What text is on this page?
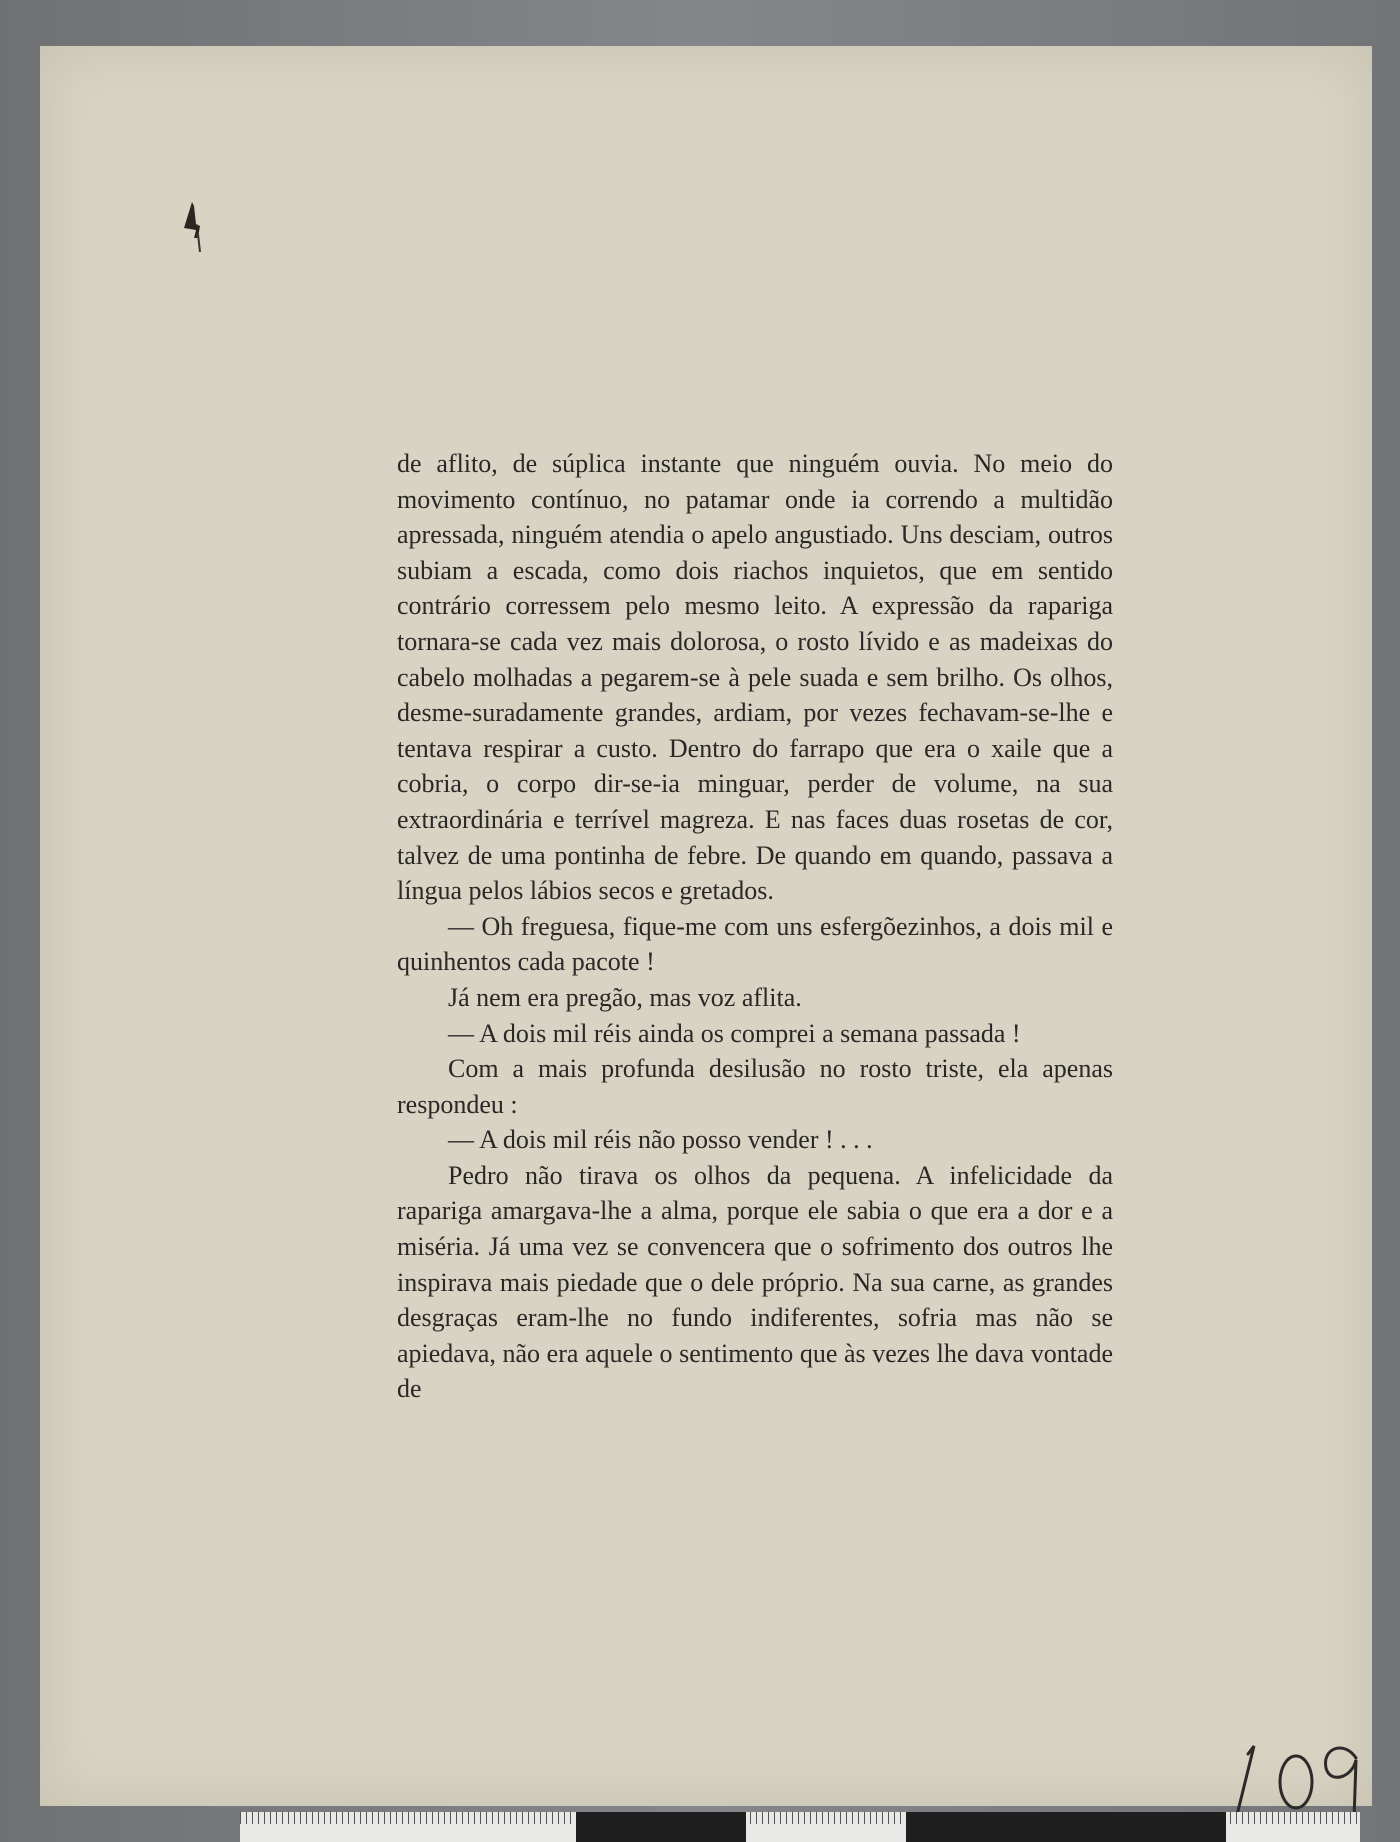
de aflito, de súplica instante que ninguém ouvia. No meio do movimento contínuo, no patamar onde ia correndo a multidão apressada, ninguém atendia o apelo angustiado. Uns desciam, outros subiam a escada, como dois riachos inquietos, que em sentido contrário corressem pelo mesmo leito. A expressão da rapariga tornara-se cada vez mais dolorosa, o rosto lívido e as madeixas do cabelo molhadas a pegarem-se à pele suada e sem brilho. Os olhos, desme-suradamente grandes, ardiam, por vezes fechavam-se-lhe e tentava respirar a custo. Dentro do farrapo que era o xaile que a cobria, o corpo dir-se-ia minguar, perder de volume, na sua extraordinária e terrível magreza. E nas faces duas rosetas de cor, talvez de uma pontinha de febre. De quando em quando, passava a língua pelos lábios secos e gretados.

— Oh freguesa, fique-me com uns esfergõezinhos, a dois mil e quinhentos cada pacote !

Já nem era pregão, mas voz aflita.

— A dois mil réis ainda os comprei a semana passada !

Com a mais profunda desilusão no rosto triste, ela apenas respondeu :

— A dois mil réis não posso vender ! . . .

Pedro não tirava os olhos da pequena. A infelicidade da rapariga amargava-lhe a alma, porque ele sabia o que era a dor e a miséria. Já uma vez se convencera que o sofrimento dos outros lhe inspirava mais piedade que o dele próprio. Na sua carne, as grandes desgraças eram-lhe no fundo indiferentes, sofria mas não se apiedava, não era aquele o sentimento que às vezes lhe dava vontade de
